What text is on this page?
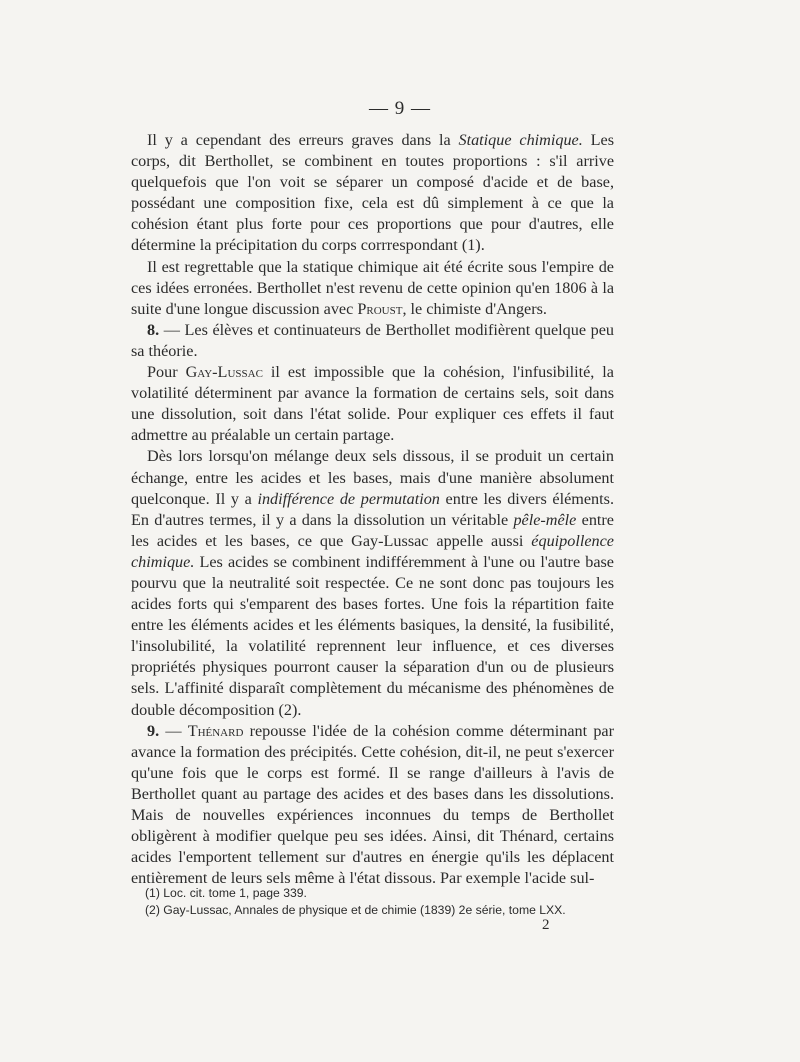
— 9 —

Il y a cependant des erreurs graves dans la Statique chimique. Les corps, dit Berthollet, se combinent en toutes proportions : s'il arrive quelquefois que l'on voit se séparer un composé d'acide et de base, possédant une composition fixe, cela est dû simplement à ce que la cohésion étant plus forte pour ces proportions que pour d'autres, elle détermine la précipitation du corps corrrespondant (1).

Il est regrettable que la statique chimique ait été écrite sous l'empire de ces idées erronées. Berthollet n'est revenu de cette opinion qu'en 1806 à la suite d'une longue discussion avec Proust, le chimiste d'Angers.

8. — Les élèves et continuateurs de Berthollet modifièrent quelque peu sa théorie.

Pour Gay-Lussac il est impossible que la cohésion, l'infusibilité, la volatilité déterminent par avance la formation de certains sels, soit dans une dissolution, soit dans l'état solide. Pour expliquer ces effets il faut admettre au préalable un certain partage.

Dès lors lorsqu'on mélange deux sels dissous, il se produit un certain échange, entre les acides et les bases, mais d'une manière absolument quelconque. Il y a indifférence de permutation entre les divers éléments. En d'autres termes, il y a dans la dissolution un véritable pêle-mêle entre les acides et les bases, ce que Gay-Lussac appelle aussi équipollence chimique. Les acides se combinent indifféremment à l'une ou l'autre base pourvu que la neutralité soit respectée. Ce ne sont donc pas toujours les acides forts qui s'emparent des bases fortes. Une fois la répartition faite entre les éléments acides et les éléments basiques, la densité, la fusibilité, l'insolubilité, la volatilité reprennent leur influence, et ces diverses propriétés physiques pourront causer la séparation d'un ou de plusieurs sels. L'affinité disparaît complètement du mécanisme des phénomènes de double décomposition (2).

9. — Thénard repousse l'idée de la cohésion comme déterminant par avance la formation des précipités. Cette cohésion, dit-il, ne peut s'exercer qu'une fois que le corps est formé. Il se range d'ailleurs à l'avis de Berthollet quant au partage des acides et des bases dans les dissolutions. Mais de nouvelles expériences inconnues du temps de Berthollet obligèrent à modifier quelque peu ses idées. Ainsi, dit Thénard, certains acides l'emportent tellement sur d'autres en énergie qu'ils les déplacent entièrement de leurs sels même à l'état dissous. Par exemple l'acide sul-

(1) Loc. cit. tome 1, page 339.
(2) Gay-Lussac, Annales de physique et de chimie (1839) 2e série, tome LXX.
2
